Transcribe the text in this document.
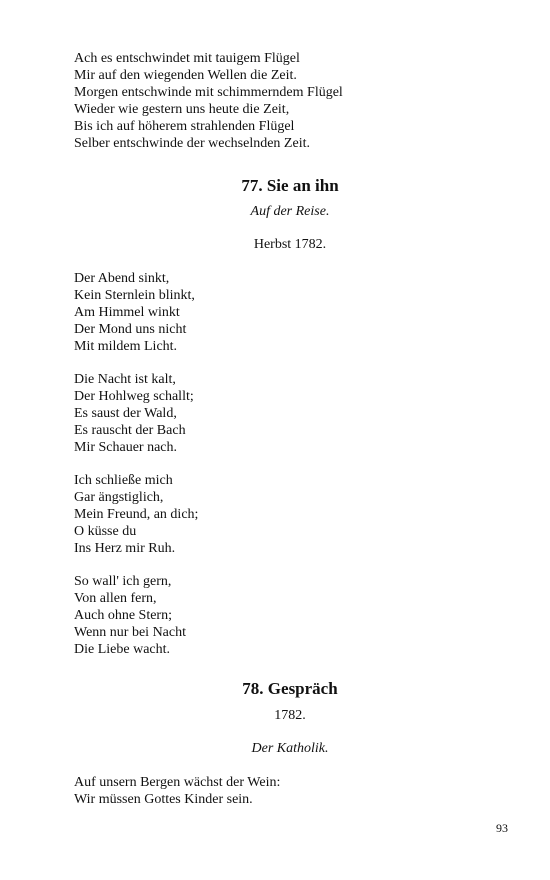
Ach es entschwindet mit tauigem Flügel
Mir auf den wiegenden Wellen die Zeit.
Morgen entschwinde mit schimmerndem Flügel
Wieder wie gestern uns heute die Zeit,
Bis ich auf höherem strahlenden Flügel
Selber entschwinde der wechselnden Zeit.
77. Sie an ihn
Auf der Reise.
Herbst 1782.
Der Abend sinkt,
Kein Sternlein blinkt,
Am Himmel winkt
Der Mond uns nicht
Mit mildem Licht.
Die Nacht ist kalt,
Der Hohlweg schallt;
Es saust der Wald,
Es rauscht der Bach
Mir Schauer nach.
Ich schließe mich
Gar ängstiglich,
Mein Freund, an dich;
O küsse du
Ins Herz mir Ruh.
So wall' ich gern,
Von allen fern,
Auch ohne Stern;
Wenn nur bei Nacht
Die Liebe wacht.
78. Gespräch
1782.
Der Katholik.
Auf unsern Bergen wächst der Wein:
Wir müssen Gottes Kinder sein.
93
